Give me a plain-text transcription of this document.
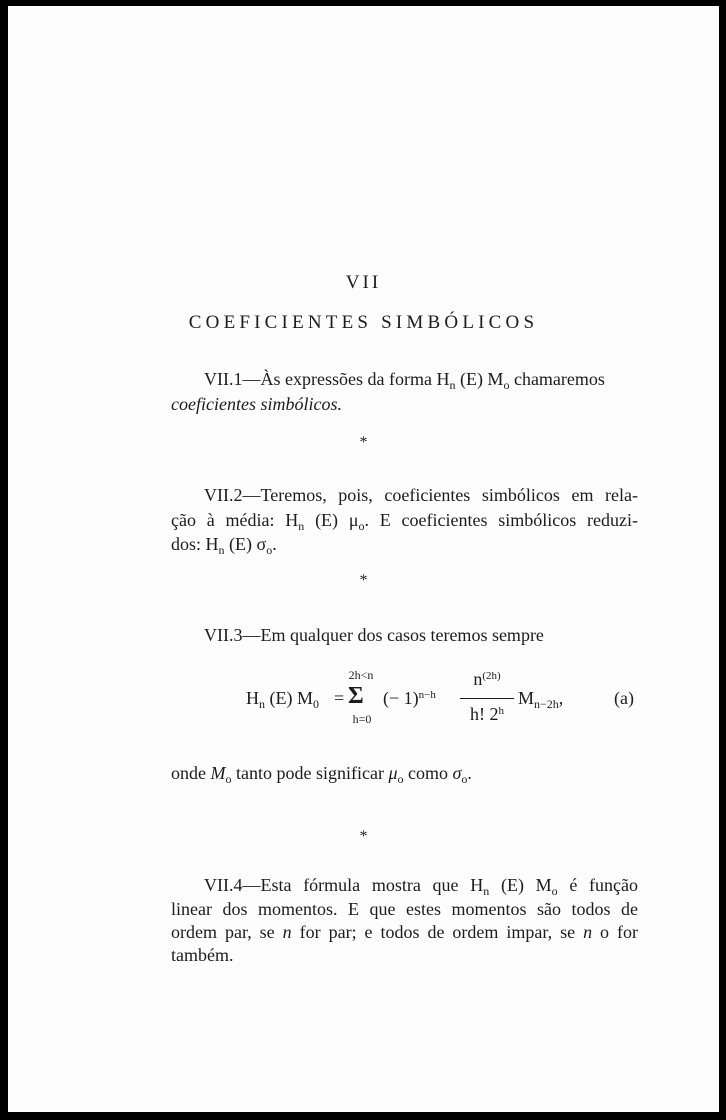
VII
COEFICIENTES SIMBÓLICOS
VII.1—Às expressões da forma $H_n$ (E) $M_o$ chamaremos
coeficientes simbólicos.
*
VII.2—Teremos, pois, coeficientes simbólicos em rela-
ção à média: $H_n$ (E) $\mu_o$. E coeficientes simbólicos reduzi-
dos: $H_n$ (E) $\sigma_o$.
*
VII.3—Em qualquer dos casos teremos sempre
$H_n$ (E) $M_0$ =
2h<n
Σ
h=0
(− 1)$^{n-h}$
$n^{(2h)}$
h! 2$^h$
$M_{n-2h}$,	(a)
onde $M_o$ tanto pode significar $\mu_o$ como $\sigma_o$.
*
VII.4—Esta fórmula mostra que $H_n$ (E) $M_o$ é função
linear dos momentos. E que estes momentos são todos de
ordem par, se n for par; e todos de ordem impar, se n o for
também.
